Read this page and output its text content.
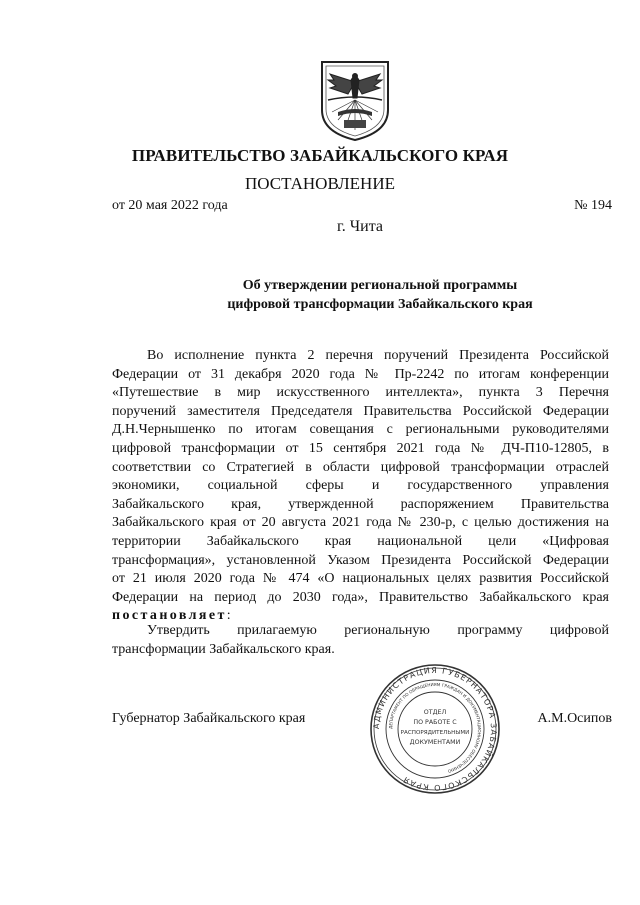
ПРАВИТЕЛЬСТВО ЗАБАЙКАЛЬСКОГО КРАЯ
ПОСТАНОВЛЕНИЕ
от 20 мая 2022 года	№ 194
г. Чита
Об утверждении региональной программы
цифровой трансформации Забайкальского края
Во исполнение пункта 2 перечня поручений Президента Российской
Федерации от 31 декабря 2020 года № Пр-2242 по итогам конференции
«Путешествие в мир искусственного интеллекта», пункта 3 Перечня
поручений заместителя Председателя Правительства Российской Федерации
Д.Н.Чернышенко по итогам совещания с региональными руководителями
цифровой трансформации от 15 сентября 2021 года № ДЧ-П10-12805, в
соответствии со Стратегией в области цифровой трансформации отраслей
экономики, социальной сферы и государственного управления
Забайкальского края, утвержденной распоряжением Правительства
Забайкальского края от 20 августа 2021 года № 230-р, с целью достижения на
территории Забайкальского края национальной цели «Цифровая
трансформация», установленной Указом Президента Российской Федерации
от 21 июля 2020 года № 474 «О национальных целях развития Российской
Федерации на период до 2030 года», Правительство Забайкальского края
постановляет:
Утвердить прилагаемую региональную программу цифровой
трансформации Забайкальского края.
АДМИНИСТРАЦИЯ ГУБЕРНАТОРА ЗАБАЙКАЛЬСКОГО КРАЯ
ДЕПАРТАМЕНТ ПО ОБРАЩЕНИЯМ ГРАЖДАН И ДОКУМЕНТАЦИОННОМУ ОБЕСПЕЧЕНИЮ
ОТДЕЛ
ПО РАБОТЕ С
РАСПОРЯДИТЕЛЬНЫМИ
ДОКУМЕНТАМИ
Губернатор Забайкальского края	А.М.Осипов
